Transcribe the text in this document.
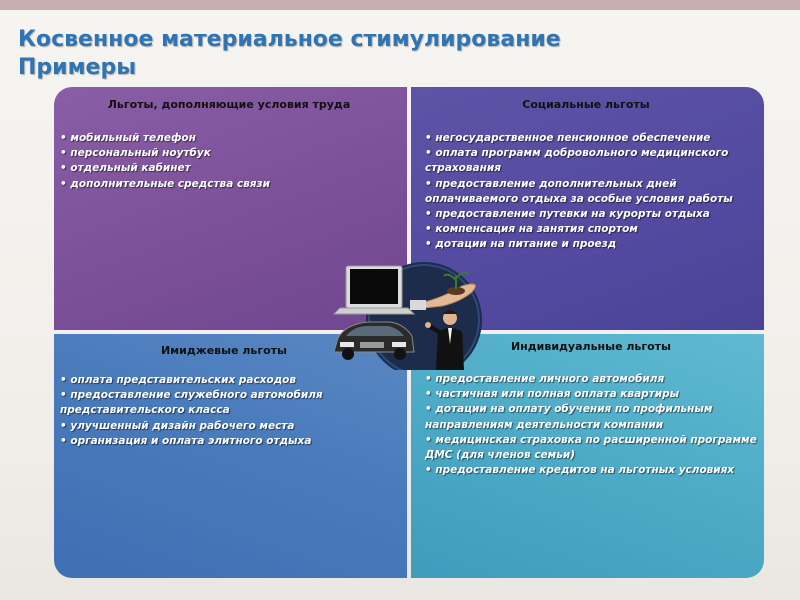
Косвенное материальное стимулирование
Примеры
Льготы, дополняющие условия труда
• мобильный телефон
• персональный ноутбук
• отдельный кабинет
• дополнительные средства связи
Социальные льготы
• негосударственное пенсионное обеспечение
• оплата программ добровольного медицинского страхования
• предоставление дополнительных дней оплачиваемого отдыха за особые условия работы
• предоставление путевки на курорты отдыха
• компенсация на занятия спортом
• дотации на питание и проезд
Имиджевые льготы
• оплата представительских расходов
• предоставление служебного автомобиля представительского класса
• улучшенный дизайн рабочего места
• организация и оплата элитного отдыха
Индивидуальные льготы
• предоставление личного автомобиля
• частичная или полная оплата квартиры
• дотации на оплату обучения по профильным направлениям деятельности компании
• медицинская страховка по расширенной программе ДМС (для членов семьи)
• предоставление кредитов на льготных условиях
